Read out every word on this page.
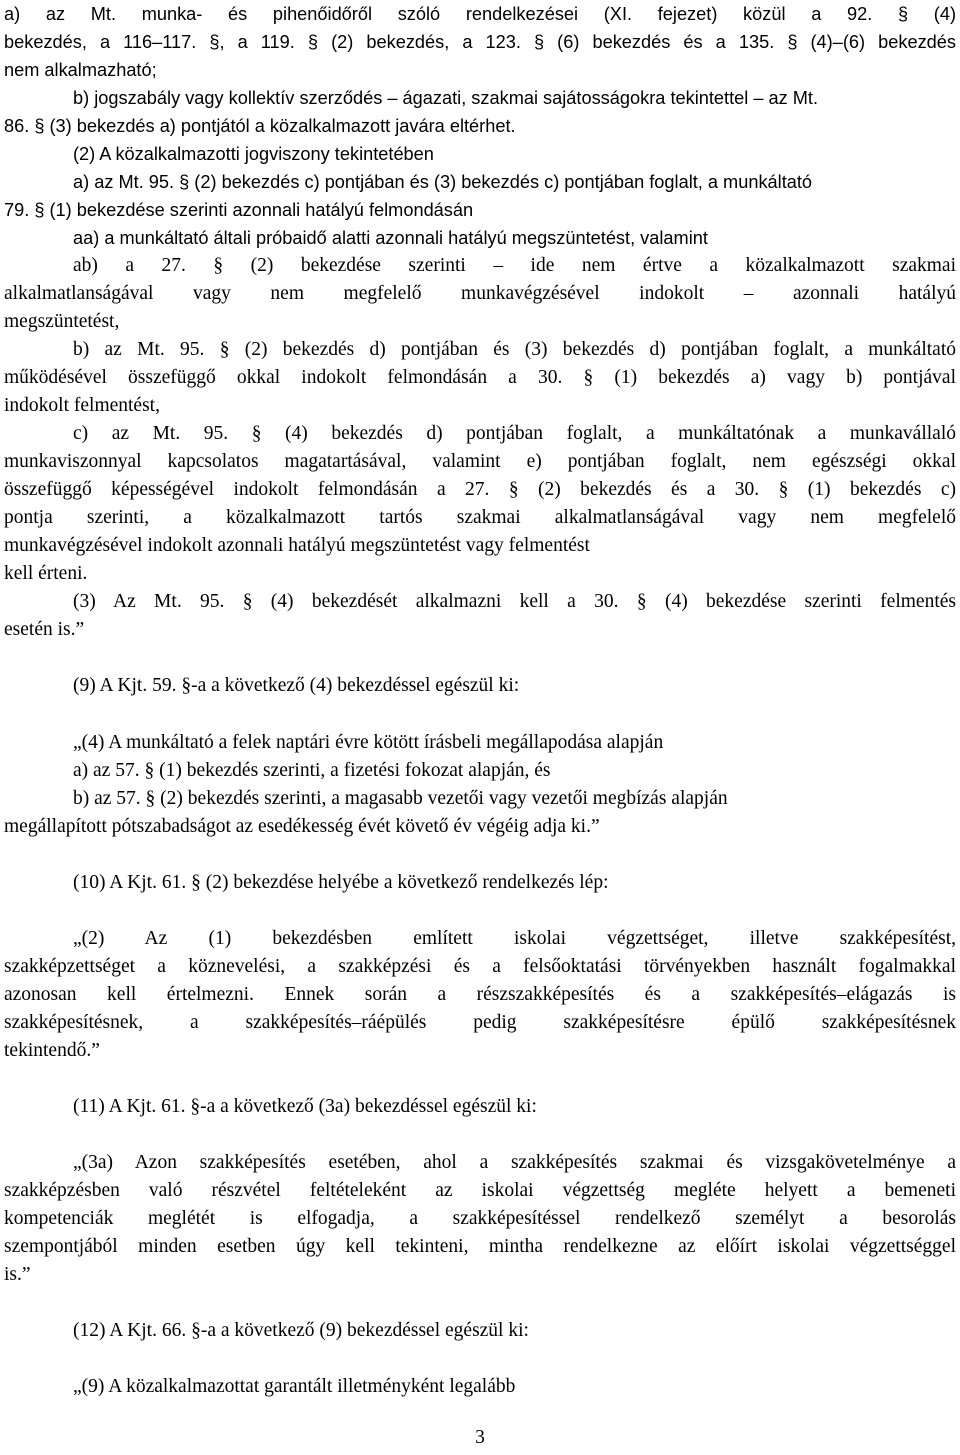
a) az Mt. munka- és pihenőidőről szóló rendelkezései (XI. fejezet) közül a 92. § (4)

bekezdés, a 116–117. §, a 119. § (2) bekezdés, a 123. § (6) bekezdés és a 135. § (4)–(6) bekezdés

nem alkalmazható;

b) jogszabály vagy kollektív szerződés – ágazati, szakmai sajátosságokra tekintettel – az Mt.

86. § (3) bekezdés a) pontjától a közalkalmazott javára eltérhet.

(2) A közalkalmazotti jogviszony tekintetében

a) az Mt. 95. § (2) bekezdés c) pontjában és (3) bekezdés c) pontjában foglalt, a munkáltató

79. § (1) bekezdése szerinti azonnali hatályú felmondásán

aa) a munkáltató általi próbaidő alatti azonnali hatályú megszüntetést, valamint

ab) a 27. § (2) bekezdése szerinti – ide nem értve a közalkalmazott szakmai

alkalmatlanságával vagy nem megfelelő munkavégzésével indokolt – azonnali hatályú

megszüntetést,

b) az Mt. 95. § (2) bekezdés d) pontjában és (3) bekezdés d) pontjában foglalt, a munkáltató

működésével összefüggő okkal indokolt felmondásán a 30. § (1) bekezdés a) vagy b) pontjával

indokolt felmentést,

c) az Mt. 95. § (4) bekezdés d) pontjában foglalt, a munkáltatónak a munkavállaló

munkaviszonnyal kapcsolatos magatartásával, valamint e) pontjában foglalt, nem egészségi okkal

összefüggő képességével indokolt felmondásán a 27. § (2) bekezdés és a 30. § (1) bekezdés c)

pontja szerinti, a közalkalmazott tartós szakmai alkalmatlanságával vagy nem megfelelő

munkavégzésével indokolt azonnali hatályú megszüntetést vagy felmentést

kell érteni.

(3) Az Mt. 95. § (4) bekezdését alkalmazni kell a 30. § (4) bekezdése szerinti felmentés

esetén is.”

(9) A Kjt. 59. §-a a következő (4) bekezdéssel egészül ki:

„(4) A munkáltató a felek naptári évre kötött írásbeli megállapodása alapján

a) az 57. § (1) bekezdés szerinti, a fizetési fokozat alapján, és

b) az 57. § (2) bekezdés szerinti, a magasabb vezetői vagy vezetői megbízás alapján

megállapított pótszabadságot az esedékesség évét követő év végéig adja ki.”

(10) A Kjt. 61. § (2) bekezdése helyébe a következő rendelkezés lép:

„(2) Az (1) bekezdésben említett iskolai végzettséget, illetve szakképesítést,

szakképzettséget a köznevelési, a szakképzési és a felsőoktatási törvényekben használt fogalmakkal

azonosan kell értelmezni. Ennek során a részszakképesítés és a szakképesítés–elágazás is

szakképesítésnek, a szakképesítés–ráépülés pedig szakképesítésre épülő szakképesítésnek

tekintendő.”

(11) A Kjt. 61. §-a a következő (3a) bekezdéssel egészül ki:

„(3a) Azon szakképesítés esetében, ahol a szakképesítés szakmai és vizsgakövetelménye a

szakképzésben való részvétel feltételeként az iskolai végzettség megléte helyett a bemeneti

kompetenciák meglétét is elfogadja, a szakképesítéssel rendelkező személyt a besorolás

szempontjából minden esetben úgy kell tekinteni, mintha rendelkezne az előírt iskolai végzettséggel

is.”

(12) A Kjt. 66. §-a a következő (9) bekezdéssel egészül ki:

„(9) A közalkalmazottat garantált illetményként legalább

3
